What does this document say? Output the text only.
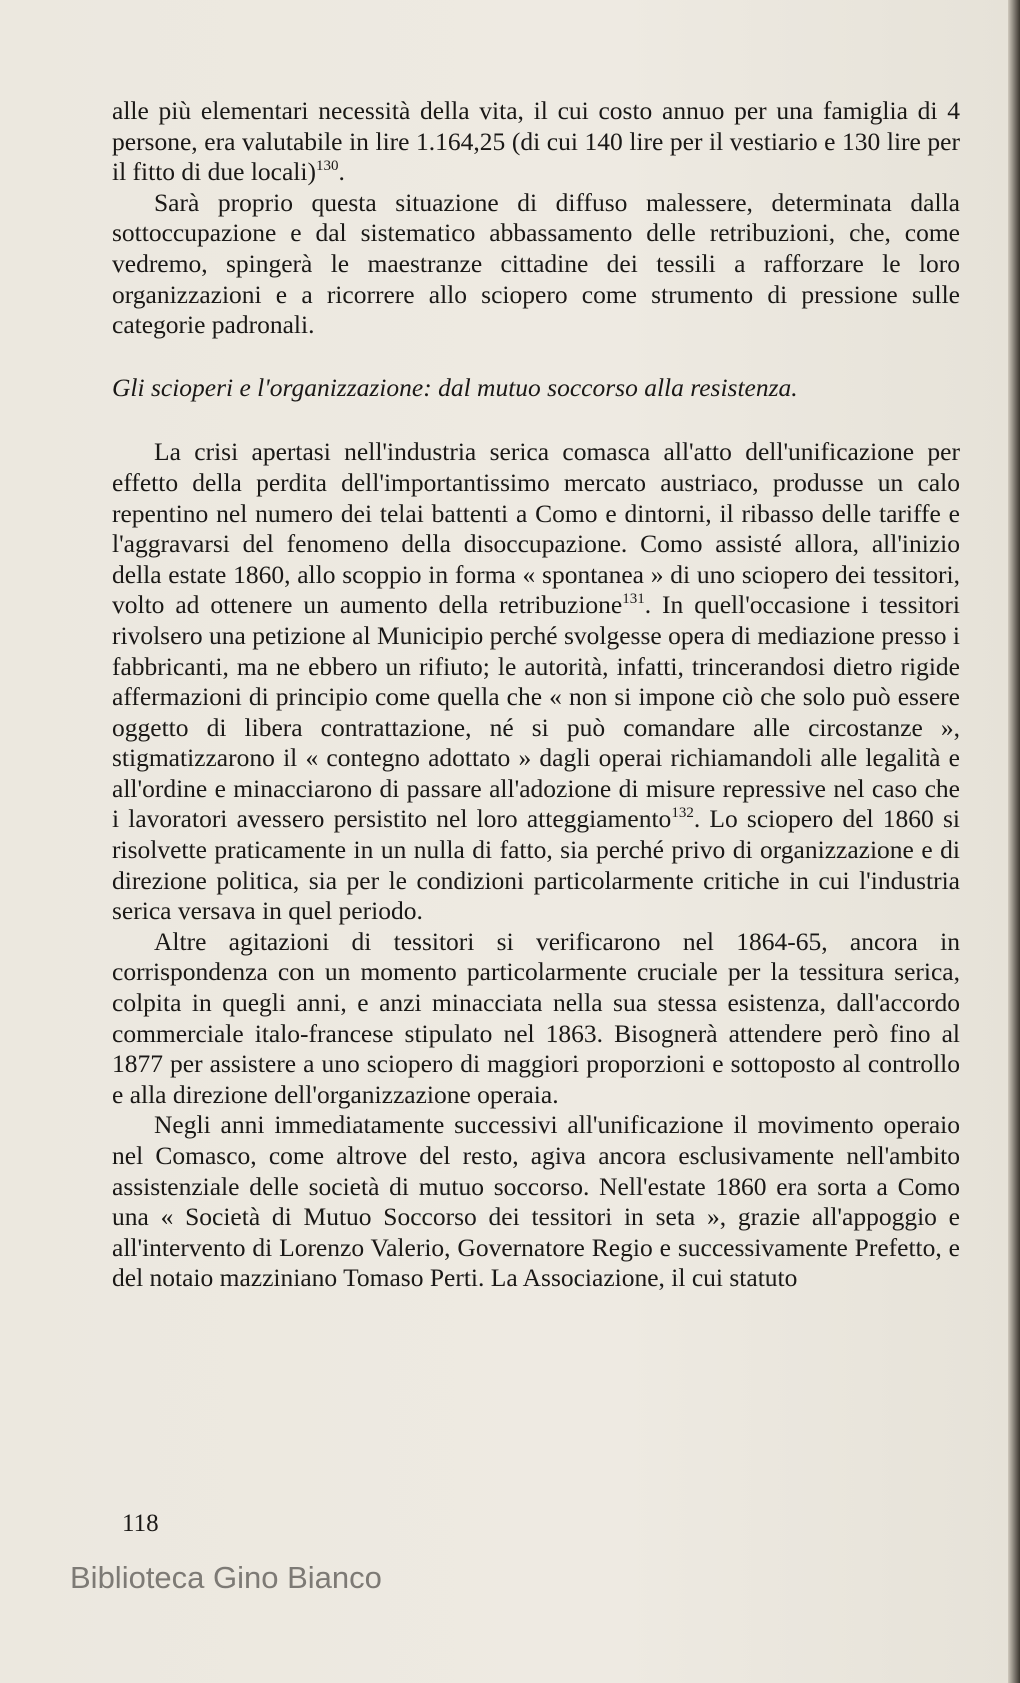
alle più elementari necessità della vita, il cui costo annuo per una famiglia di 4 persone, era valutabile in lire 1.164,25 (di cui 140 lire per il vestiario e 130 lire per il fitto di due locali)$^{130}$.

Sarà proprio questa situazione di diffuso malessere, determinata dalla sottoccupazione e dal sistematico abbassamento delle retribuzioni, che, come vedremo, spingerà le maestranze cittadine dei tessili a rafforzare le loro organizzazioni e a ricorrere allo sciopero come strumento di pressione sulle categorie padronali.

Gli scioperi e l'organizzazione: dal mutuo soccorso alla resistenza.

La crisi apertasi nell'industria serica comasca all'atto dell'unificazione per effetto della perdita dell'importantissimo mercato austriaco, produsse un calo repentino nel numero dei telai battenti a Como e dintorni, il ribasso delle tariffe e l'aggravarsi del fenomeno della disoccupazione. Como assisté allora, all'inizio della estate 1860, allo scoppio in forma « spontanea » di uno sciopero dei tessitori, volto ad ottenere un aumento della retribuzione$^{131}$. In quell'occasione i tessitori rivolsero una petizione al Municipio perché svolgesse opera di mediazione presso i fabbricanti, ma ne ebbero un rifiuto; le autorità, infatti, trincerandosi dietro rigide affermazioni di principio come quella che « non si impone ciò che solo può essere oggetto di libera contrattazione, né si può comandare alle circostanze », stigmatizzarono il « contegno adottato » dagli operai richiamandoli alle legalità e all'ordine e minacciarono di passare all'adozione di misure repressive nel caso che i lavoratori avessero persistito nel loro atteggiamento$^{132}$. Lo sciopero del 1860 si risolvette praticamente in un nulla di fatto, sia perché privo di organizzazione e di direzione politica, sia per le condizioni particolarmente critiche in cui l'industria serica versava in quel periodo.

Altre agitazioni di tessitori si verificarono nel 1864-65, ancora in corrispondenza con un momento particolarmente cruciale per la tessitura serica, colpita in quegli anni, e anzi minacciata nella sua stessa esistenza, dall'accordo commerciale italo-francese stipulato nel 1863. Bisognerà attendere però fino al 1877 per assistere a uno sciopero di maggiori proporzioni e sottoposto al controllo e alla direzione dell'organizzazione operaia.

Negli anni immediatamente successivi all'unificazione il movimento operaio nel Comasco, come altrove del resto, agiva ancora esclusivamente nell'ambito assistenziale delle società di mutuo soccorso. Nell'estate 1860 era sorta a Como una « Società di Mutuo Soccorso dei tessitori in seta », grazie all'appoggio e all'intervento di Lorenzo Valerio, Governatore Regio e successivamente Prefetto, e del notaio mazziniano Tomaso Perti. La Associazione, il cui statuto

118
Biblioteca Gino Bianco
